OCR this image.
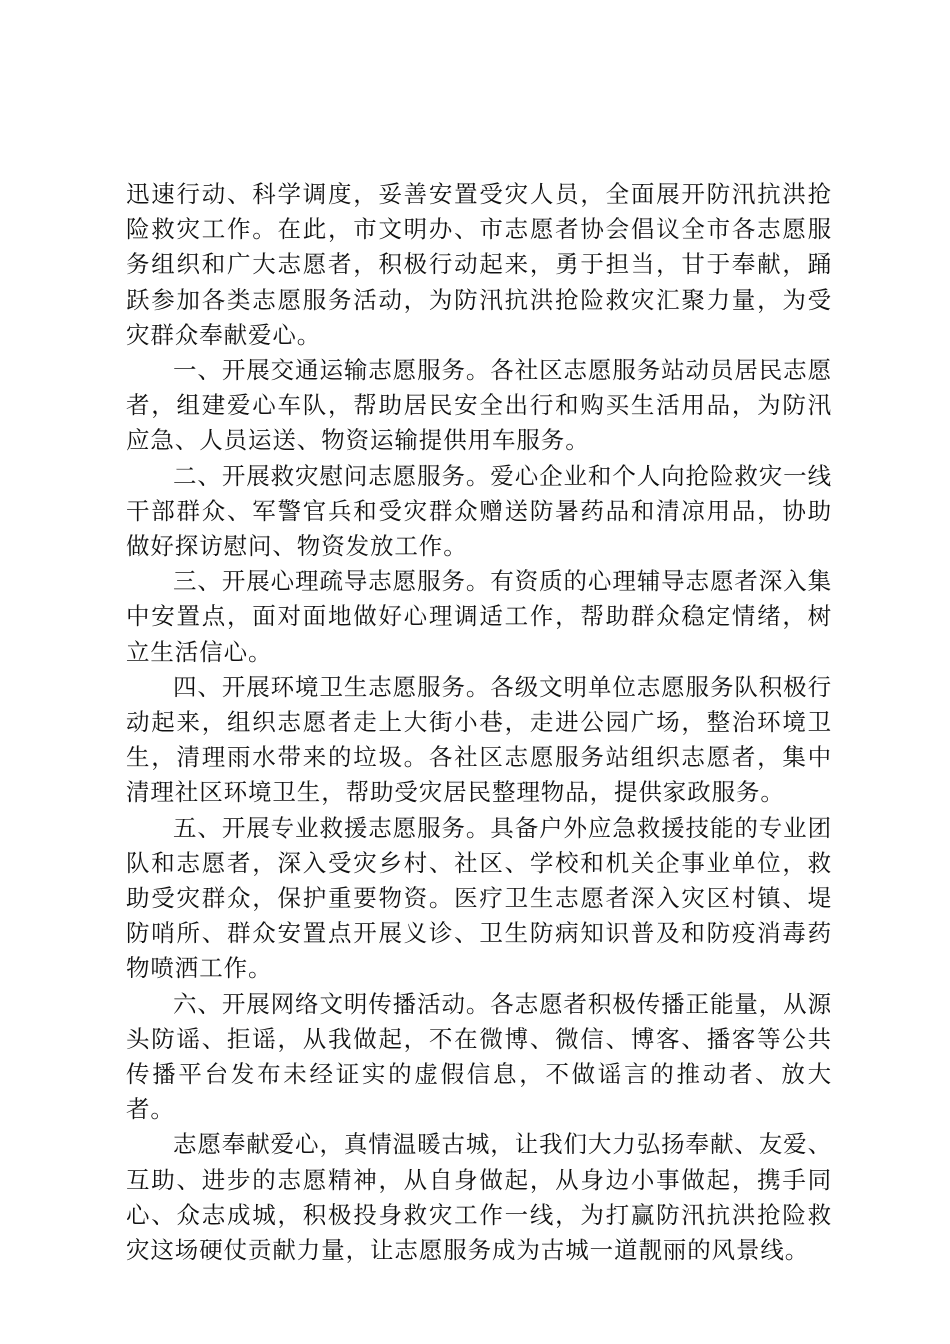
迅速行动、科学调度，妥善安置受灾人员，全面展开防汛抗洪抢险救灾工作。在此，市文明办、市志愿者协会倡议全市各志愿服务组织和广大志愿者，积极行动起来，勇于担当，甘于奉献，踊跃参加各类志愿服务活动，为防汛抗洪抢险救灾汇聚力量，为受灾群众奉献爱心。

一、开展交通运输志愿服务。各社区志愿服务站动员居民志愿者，组建爱心车队，帮助居民安全出行和购买生活用品，为防汛应急、人员运送、物资运输提供用车服务。

二、开展救灾慰问志愿服务。爱心企业和个人向抢险救灾一线干部群众、军警官兵和受灾群众赠送防暑药品和清凉用品，协助做好探访慰问、物资发放工作。

三、开展心理疏导志愿服务。有资质的心理辅导志愿者深入集中安置点，面对面地做好心理调适工作，帮助群众稳定情绪，树立生活信心。

四、开展环境卫生志愿服务。各级文明单位志愿服务队积极行动起来，组织志愿者走上大街小巷，走进公园广场，整治环境卫生，清理雨水带来的垃圾。各社区志愿服务站组织志愿者，集中清理社区环境卫生，帮助受灾居民整理物品，提供家政服务。

五、开展专业救援志愿服务。具备户外应急救援技能的专业团队和志愿者，深入受灾乡村、社区、学校和机关企事业单位，救助受灾群众，保护重要物资。医疗卫生志愿者深入灾区村镇、堤防哨所、群众安置点开展义诊、卫生防病知识普及和防疫消毒药物喷洒工作。

六、开展网络文明传播活动。各志愿者积极传播正能量，从源头防谣、拒谣，从我做起，不在微博、微信、博客、播客等公共传播平台发布未经证实的虚假信息，不做谣言的推动者、放大者。

志愿奉献爱心，真情温暖古城，让我们大力弘扬奉献、友爱、互助、进步的志愿精神，从自身做起，从身边小事做起，携手同心、众志成城，积极投身救灾工作一线，为打赢防汛抗洪抢险救灾这场硬仗贡献力量，让志愿服务成为古城一道靓丽的风景线。
